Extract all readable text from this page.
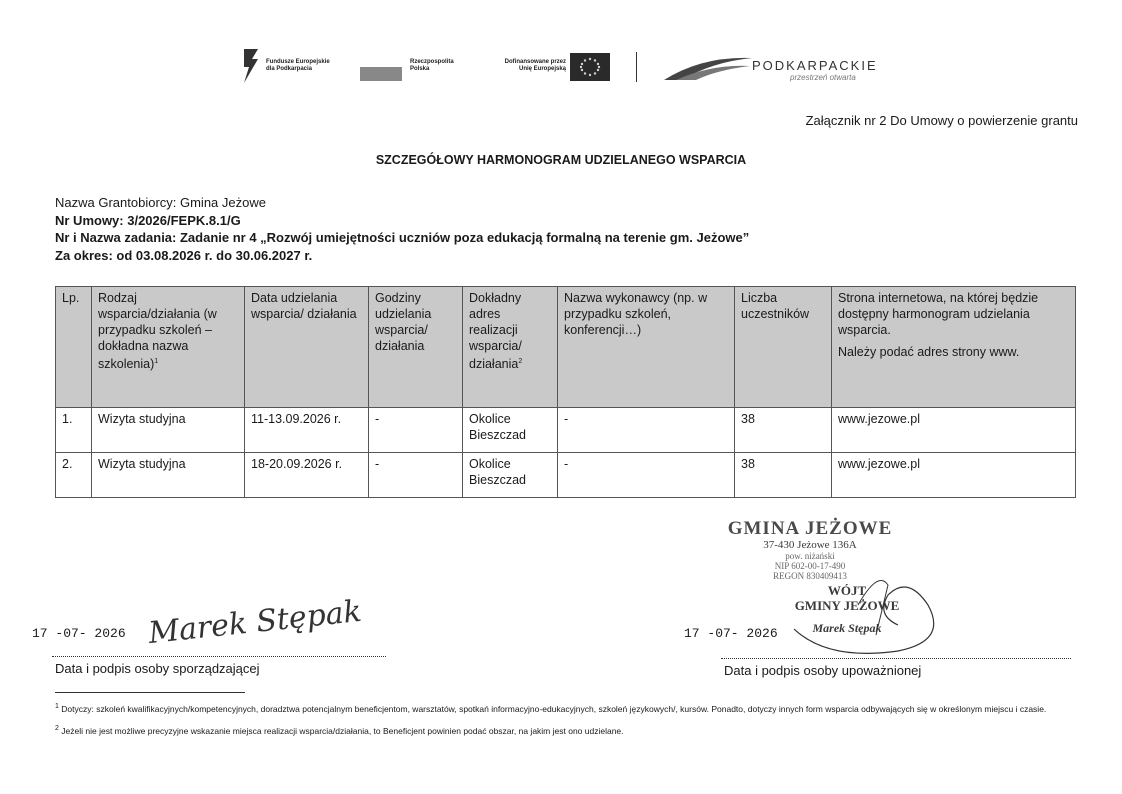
Fundusze Europejskie
dla Podkarpacia
Rzeczpospolita
Polska
Dofinansowane przez
Unię Europejską	PODKARPACKIE
przestrzeń otwarta
Załącznik nr 2 Do Umowy o powierzenie grantu
SZCZEGÓŁOWY HARMONOGRAM UDZIELANEGO WSPARCIA
Nazwa Grantobiorcy: Gmina Jeżowe
Nr Umowy: 3/2026/FEPK.8.1/G
Nr i Nazwa zadania: Zadanie nr 4 „Rozwój umiejętności uczniów poza edukacją formalną na terenie gm. Jeżowe”
Za okres: od 03.08.2026 r. do 30.06.2027 r.
Lp.	Rodzaj wsparcia/działania (w przypadku szkoleń – dokładna nazwa szkolenia)$^1$	Data udzielania wsparcia/ działania	Godziny udzielania wsparcia/ działania	Dokładny adres realizacji wsparcia/ działania$^2$	Nazwa wykonawcy (np. w przypadku szkoleń, konferencji…)	Liczba uczestników	Strona internetowa, na której będzie dostępny harmonogram udzielania wsparcia.
Należy podać adres strony www.

1.	Wizyta studyjna	11-13.09.2026 r.	-	Okolice Bieszczad	-	38	www.jezowe.pl
2.	Wizyta studyjna	18-20.09.2026 r.	-	Okolice Bieszczad	-	38	www.jezowe.pl
GMINA JEŻOWE
37-430 Jeżowe 136A
pow. niżański
NIP 602-00-17-490
REGON 830409413
WÓJT
GMINY JEŻOWE
Marek Stępak
17 -07- 2026 Marek Stępak
Data i podpis osoby sporządzającej
17 -07- 2026
Data i podpis osoby upoważnionej
$^1$ Dotyczy: szkoleń kwalifikacyjnych/kompetencyjnych, doradztwa potencjalnym beneficjentom, warsztatów, spotkań informacyjno-edukacyjnych, szkoleń językowych/, kursów. Ponadto, dotyczy innych form wsparcia odbywających się w określonym miejscu i czasie.
$^2$ Jeżeli nie jest możliwe precyzyjne wskazanie miejsca realizacji wsparcia/działania, to Beneficjent powinien podać obszar, na jakim jest ono udzielane.
